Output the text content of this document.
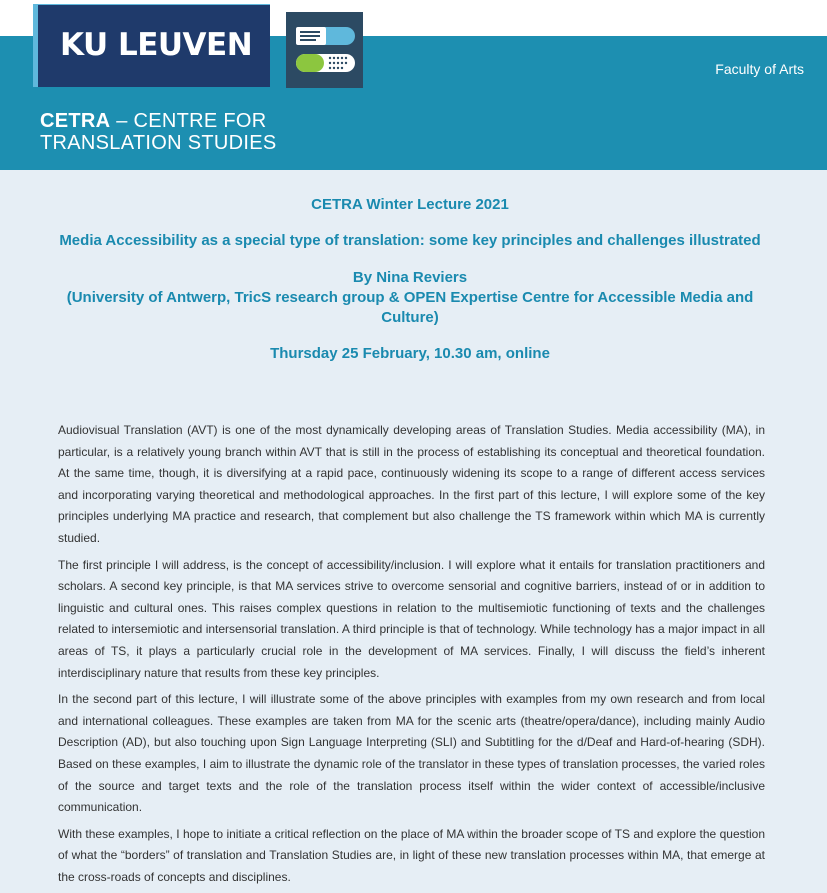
KU LEUVEN
Faculty of Arts
CETRA – CENTRE FOR
TRANSLATION STUDIES
CETRA Winter Lecture 2021
Media Accessibility as a special type of translation: some key principles and challenges illustrated
By Nina Reviers
(University of Antwerp, TricS research group & OPEN Expertise Centre for Accessible Media and Culture)
Thursday 25 February, 10.30 am, online

Audiovisual Translation (AVT) is one of the most dynamically developing areas of Translation Studies. Media accessibility (MA), in particular, is a relatively young branch within AVT that is still in the process of establishing its conceptual and theoretical foundation. At the same time, though, it is diversifying at a rapid pace, continuously widening its scope to a range of different access services and incorporating varying theoretical and methodological approaches. In the first part of this lecture, I will explore some of the key principles underlying MA practice and research, that complement but also challenge the TS framework within which MA is currently studied.

The first principle I will address, is the concept of accessibility/inclusion. I will explore what it entails for translation practitioners and scholars. A second key principle, is that MA services strive to overcome sensorial and cognitive barriers, instead of or in addition to linguistic and cultural ones. This raises complex questions in relation to the multisemiotic functioning of texts and the challenges related to intersemiotic and intersensorial translation. A third principle is that of technology. While technology has a major impact in all areas of TS, it plays a particularly crucial role in the development of MA services. Finally, I will discuss the field’s inherent interdisciplinary nature that results from these key principles.

In the second part of this lecture, I will illustrate some of the above principles with examples from my own research and from local and international colleagues. These examples are taken from MA for the scenic arts (theatre/opera/dance), including mainly Audio Description (AD), but also touching upon Sign Language Interpreting (SLI) and Subtitling for the d/Deaf and Hard-of-hearing (SDH). Based on these examples, I aim to illustrate the dynamic role of the translator in these types of translation processes, the varied roles of the source and target texts and the role of the translation process itself within the wider context of accessible/inclusive communication.

With these examples, I hope to initiate a critical reflection on the place of MA within the broader scope of TS and explore the question of what the “borders” of translation and Translation Studies are, in light of these new translation processes within MA, that emerge at the cross-roads of concepts and disciplines.
